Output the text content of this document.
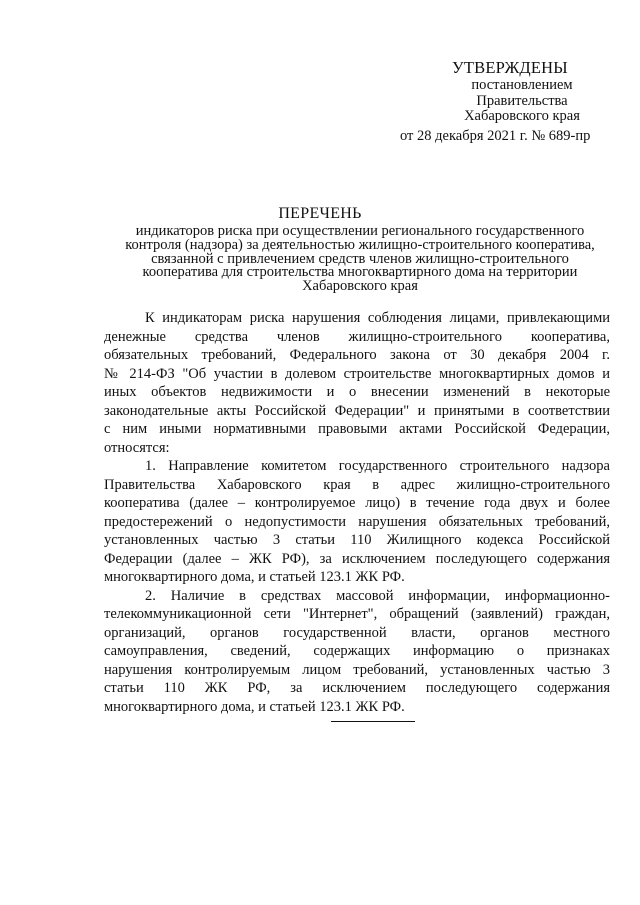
УТВЕРЖДЕНЫ
постановлением
Правительства
Хабаровского края
от 28 декабря 2021 г. № 689-пр
ПЕРЕЧЕНЬ
индикаторов риска при осуществлении регионального государственного
контроля (надзора) за деятельностью жилищно-строительного кооператива,
связанной с привлечением средств членов жилищно-строительного
кооператива для строительства многоквартирного дома на территории
Хабаровского края
К индикаторам риска нарушения соблюдения лицами, привлекающими
денежные средства членов жилищно-строительного кооператива,
обязательных требований, Федерального закона от 30 декабря 2004 г.
№ 214-ФЗ "Об участии в долевом строительстве многоквартирных домов и
иных объектов недвижимости и о внесении изменений в некоторые
законодательные акты Российской Федерации" и принятыми в соответствии
с ним иными нормативными правовыми актами Российской Федерации,
относятся:
1. Направление комитетом государственного строительного надзора
Правительства Хабаровского края в адрес жилищно-строительного
кооператива (далее – контролируемое лицо) в течение года двух и более
предостережений о недопустимости нарушения обязательных требований,
установленных частью 3 статьи 110 Жилищного кодекса Российской
Федерации (далее – ЖК РФ), за исключением последующего содержания
многоквартирного дома, и статьей 123.1 ЖК РФ.
2. Наличие в средствах массовой информации, информационно-
телекоммуникационной сети "Интернет", обращений (заявлений) граждан,
организаций, органов государственной власти, органов местного
самоуправления, сведений, содержащих информацию о признаках
нарушения контролируемым лицом требований, установленных частью 3
статьи 110 ЖК РФ, за исключением последующего содержания
многоквартирного дома, и статьей 123.1 ЖК РФ.
